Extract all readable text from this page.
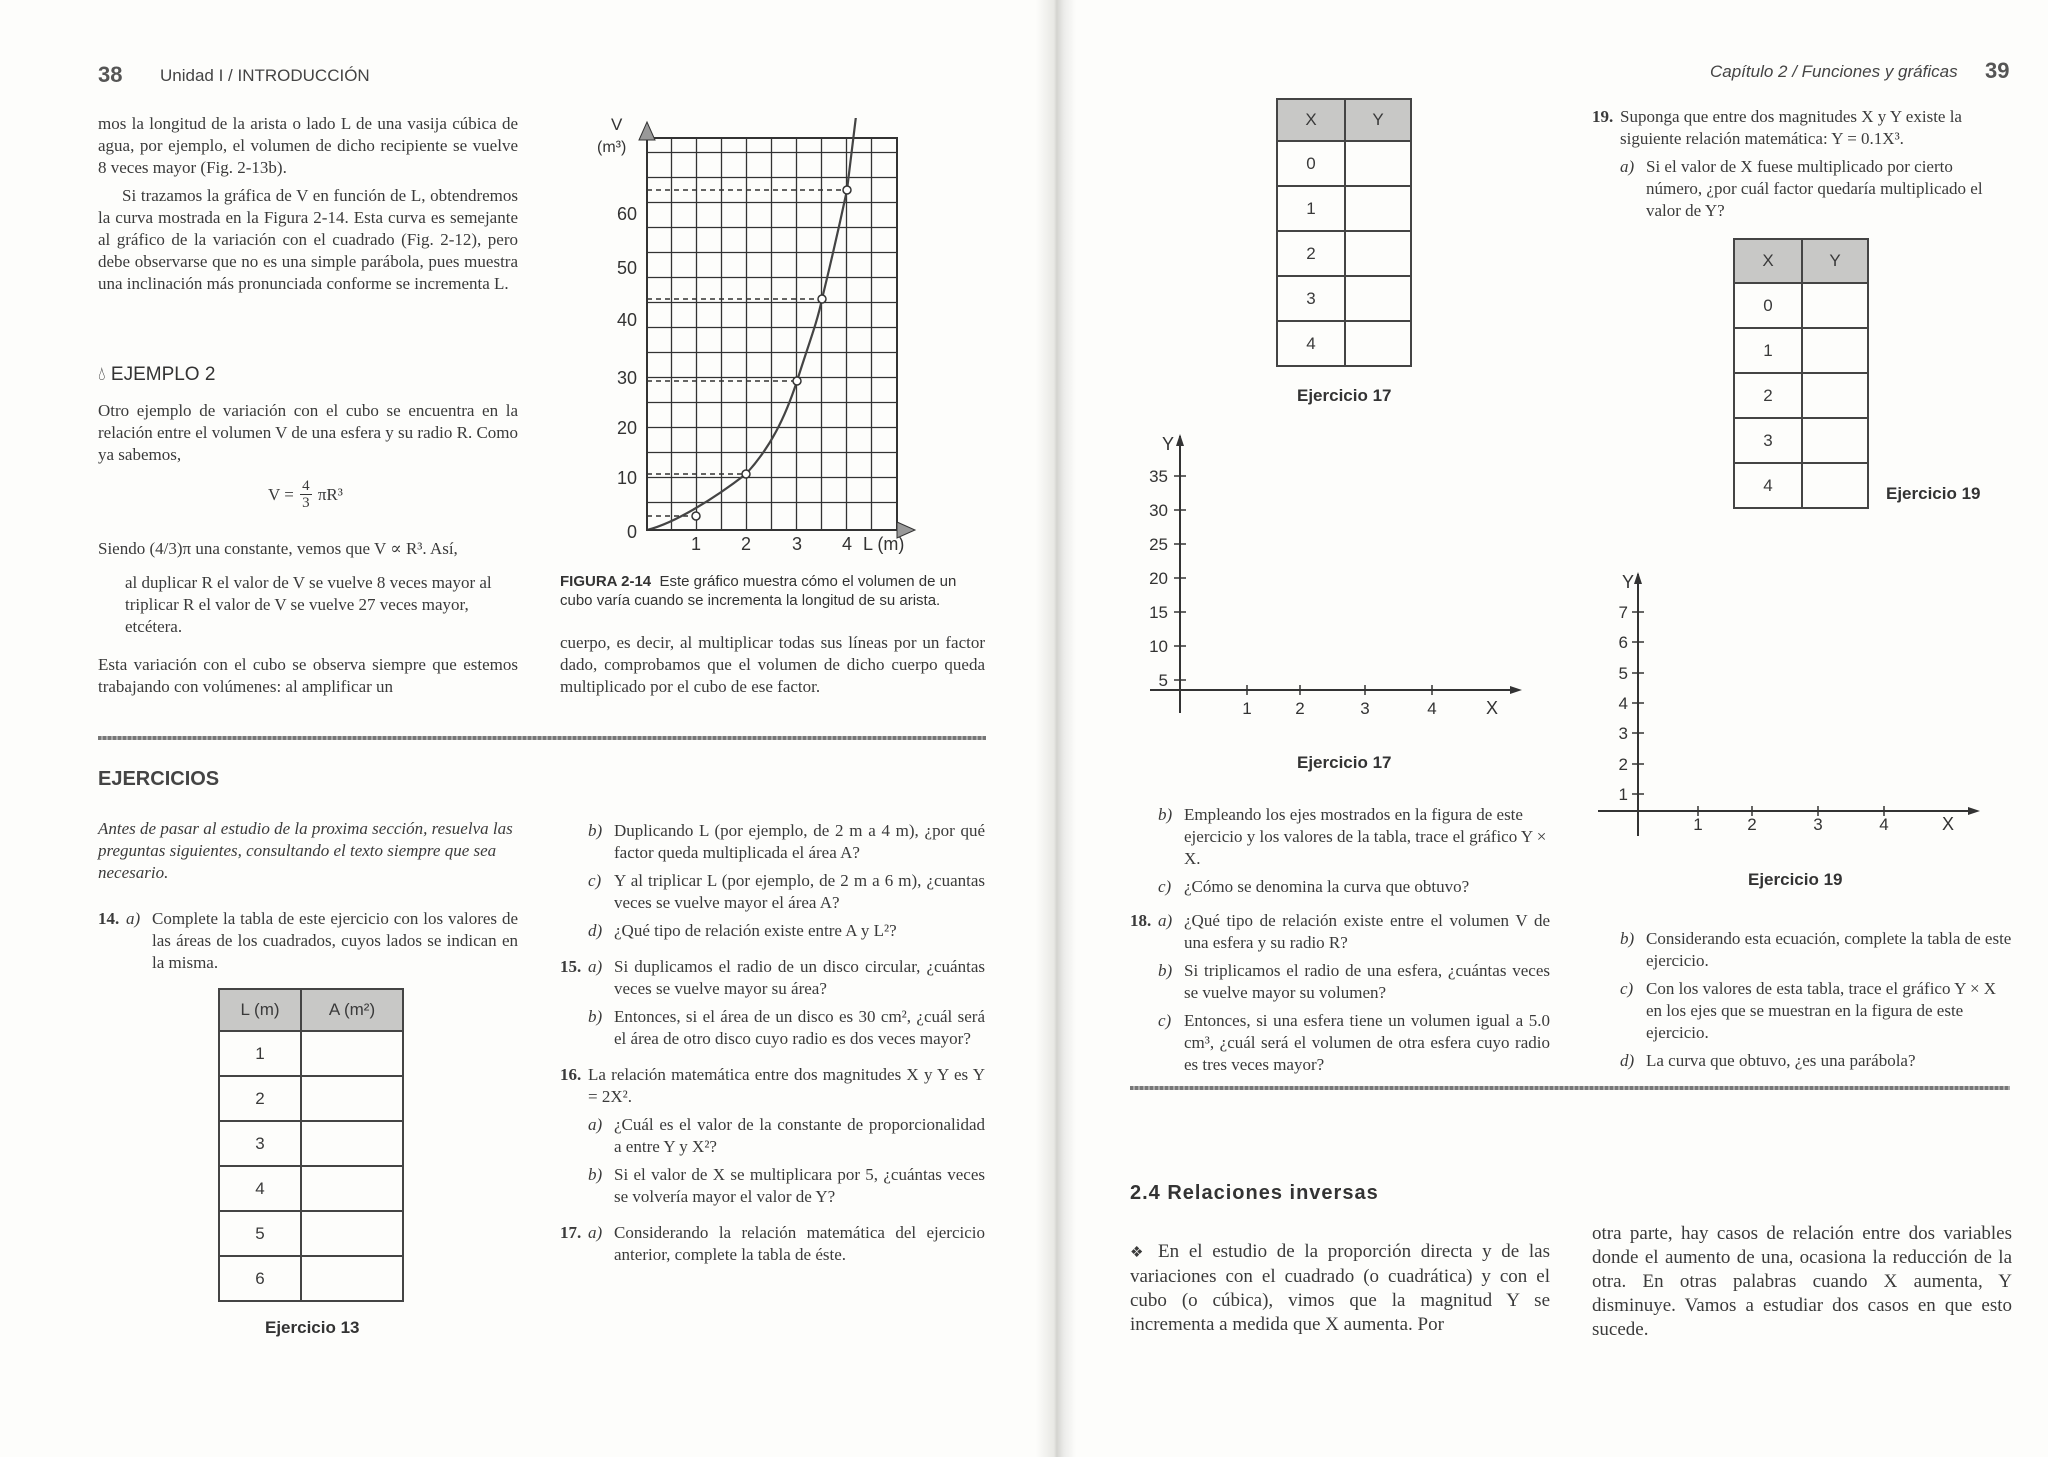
38 Unidad I / INTRODUCCIÓN

mos la longitud de la arista o lado L de una vasija cúbica de agua, por ejemplo, el volumen de dicho recipiente se vuelve 8 veces mayor (Fig. 2-13b).

Si trazamos la gráfica de V en función de L, obtendremos la curva mostrada en la Figura 2-14. Esta curva es semejante al gráfico de la variación con el cuadrado (Fig. 2-12), pero debe observarse que no es una simple parábola, pues muestra una inclinación más pronunciada conforme se incrementa L.

💧︎ EJEMPLO 2
Otro ejemplo de variación con el cubo se encuentra en la relación entre el volumen V de una esfera y su radio R. Como ya sabemos,
$V = \frac{4}{3} \pi R^3$
Siendo (4/3)π una constante, vemos que V ∝ R³. Así,
al duplicar R el valor de V se vuelve 8 veces mayor al triplicar R el valor de V se vuelve 27 veces mayor, etcétera.
Esta variación con el cubo se observa siempre que estemos trabajando con volúmenes: al amplificar un
V
(m³)
0
10
20
30
40
50
60
1 2 3 4 L (m)
FIGURA 2-14 Este gráfico muestra cómo el volumen de un cubo varía cuando se incrementa la longitud de su arista.
cuerpo, es decir, al multiplicar todas sus líneas por un factor dado, comprobamos que el volumen de dicho cuerpo queda multiplicado por el cubo de ese factor.
EJERCICIOS
Antes de pasar al estudio de la proxima sección, resuelva las preguntas siguientes, consultando el texto siempre que sea necesario.
14. a) Complete la tabla de este ejercicio con los valores de las áreas de los cuadrados, cuyos lados se indican en la misma.
L (m)	A (m²)
1	
2	
3	
4	
5	
6	
Ejercicio 13
b) Duplicando L (por ejemplo, de 2 m a 4 m), ¿por qué factor queda multiplicada el área A?
c) Y al triplicar L (por ejemplo, de 2 m a 6 m), ¿cuantas veces se vuelve mayor el área A?
d) ¿Qué tipo de relación existe entre A y L²?
15. a) Si duplicamos el radio de un disco circular, ¿cuántas veces se vuelve mayor su área?
b) Entonces, si el área de un disco es 30 cm², ¿cuál será el área de otro disco cuyo radio es dos veces mayor?
16. La relación matemática entre dos magnitudes X y Y es Y = 2X².
a) ¿Cuál es el valor de la constante de proporcionalidad a entre Y y X²?
b) Si el valor de X se multiplicara por 5, ¿cuántas veces se volvería mayor el valor de Y?
17. a) Considerando la relación matemática del ejercicio anterior, complete la tabla de éste.
Capítulo 2 / Funciones y gráficas 39
X	Y
0	
1	
2	
3	
4	
Ejercicio 17
Y
5
10
15
20
25
30
35
1	2	3	4	X
Ejercicio 17
b) Empleando los ejes mostrados en la figura de este ejercicio y los valores de la tabla, trace el gráfico Y × X.
c) ¿Cómo se denomina la curva que obtuvo?
18. a) ¿Qué tipo de relación existe entre el volumen V de una esfera y su radio R?
b) Si triplicamos el radio de una esfera, ¿cuántas veces se vuelve mayor su volumen?
c) Entonces, si una esfera tiene un volumen igual a 5.0 cm³, ¿cuál será el volumen de otra esfera cuyo radio es tres veces mayor?
19. Suponga que entre dos magnitudes X y Y existe la siguiente relación matemática: Y = 0.1X³.
a) Si el valor de X fuese multiplicado por cierto número, ¿por cuál factor quedaría multiplicado el valor de Y?
X	Y
0	
1	
2	
3	
4		Ejercicio 19
Y
1
2
3
4
5
6
7
1	2	3	4	X
Ejercicio 19
b) Considerando esta ecuación, complete la tabla de este ejercicio.
c) Con los valores de esta tabla, trace el gráfico Y × X en los ejes que se muestran en la figura de este ejercicio.
d) La curva que obtuvo, ¿es una parábola?
2.4 Relaciones inversas
❖ En el estudio de la proporción directa y de las variaciones con el cuadrado (o cuadrática) y con el cubo (o cúbica), vimos que la magnitud Y se incrementa a medida que X aumenta. Por
otra parte, hay casos de relación entre dos variables donde el aumento de una, ocasiona la reducción de la otra. En otras palabras cuando X aumenta, Y disminuye. Vamos a estudiar dos casos en que esto sucede.
